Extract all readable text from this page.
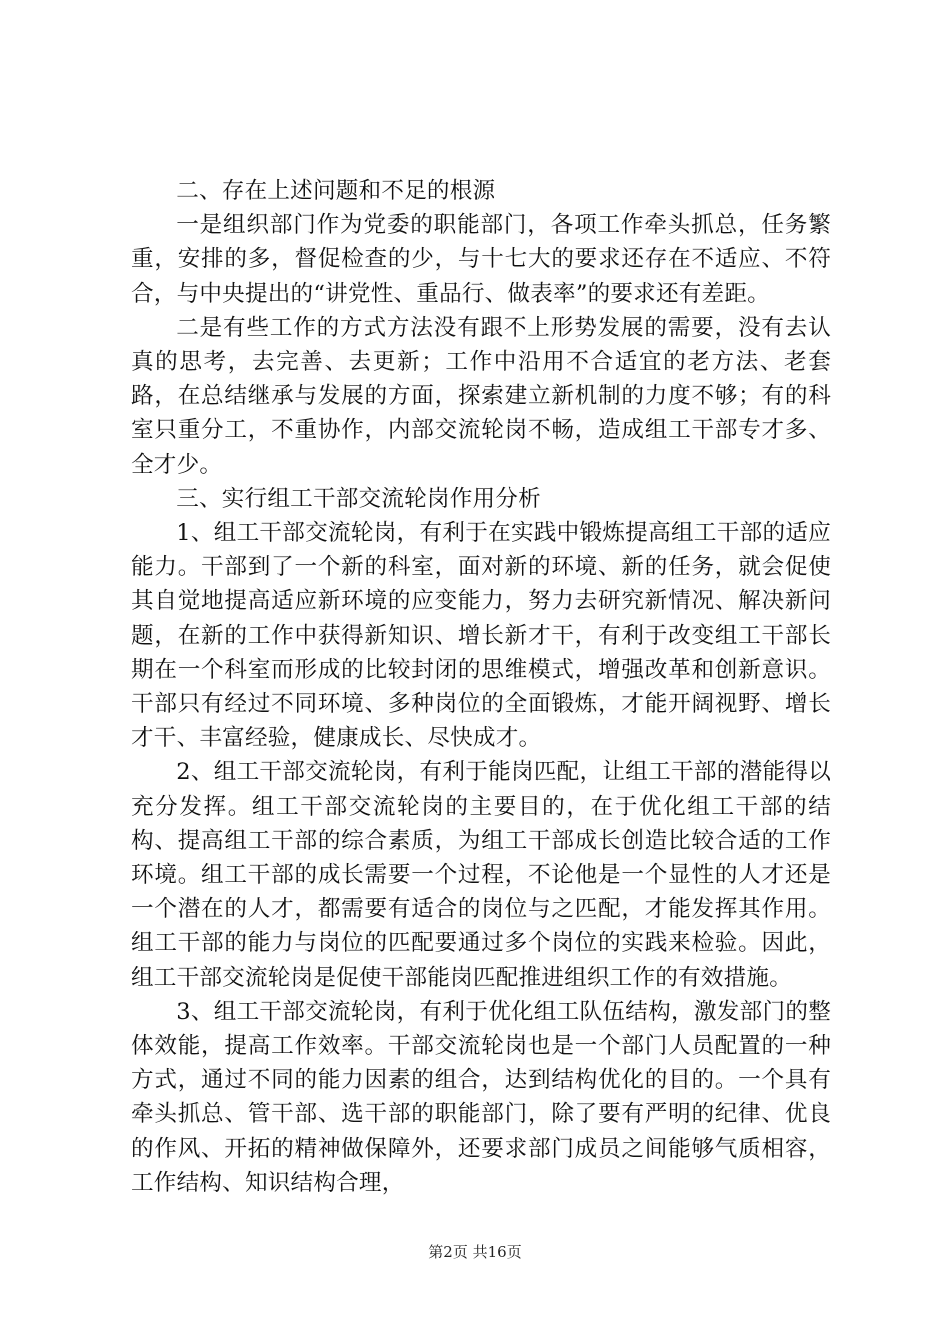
二、存在上述问题和不足的根源

一是组织部门作为党委的职能部门，各项工作牵头抓总，任务繁重，安排的多，督促检查的少，与十七大的要求还存在不适应、不符合，与中央提出的“讲党性、重品行、做表率”的要求还有差距。

二是有些工作的方式方法没有跟不上形势发展的需要，没有去认真的思考，去完善、去更新；工作中沿用不合适宜的老方法、老套路，在总结继承与发展的方面，探索建立新机制的力度不够；有的科室只重分工，不重协作，内部交流轮岗不畅，造成组工干部专才多、全才少。

三、实行组工干部交流轮岗作用分析

1、组工干部交流轮岗，有利于在实践中锻炼提高组工干部的适应能力。干部到了一个新的科室，面对新的环境、新的任务，就会促使其自觉地提高适应新环境的应变能力，努力去研究新情况、解决新问题，在新的工作中获得新知识、增长新才干，有利于改变组工干部长期在一个科室而形成的比较封闭的思维模式，增强改革和创新意识。干部只有经过不同环境、多种岗位的全面锻炼，才能开阔视野、增长才干、丰富经验，健康成长、尽快成才。

2、组工干部交流轮岗，有利于能岗匹配，让组工干部的潜能得以充分发挥。组工干部交流轮岗的主要目的，在于优化组工干部的结构、提高组工干部的综合素质，为组工干部成长创造比较合适的工作环境。组工干部的成长需要一个过程，不论他是一个显性的人才还是一个潜在的人才，都需要有适合的岗位与之匹配，才能发挥其作用。组工干部的能力与岗位的匹配要通过多个岗位的实践来检验。因此，组工干部交流轮岗是促使干部能岗匹配推进组织工作的有效措施。

3、组工干部交流轮岗，有利于优化组工队伍结构，激发部门的整体效能，提高工作效率。干部交流轮岗也是一个部门人员配置的一种方式，通过不同的能力因素的组合，达到结构优化的目的。一个具有牵头抓总、管干部、选干部的职能部门，除了要有严明的纪律、优良的作风、开拓的精神做保障外，还要求部门成员之间能够气质相容，工作结构、知识结构合理，

第2页 共16页
